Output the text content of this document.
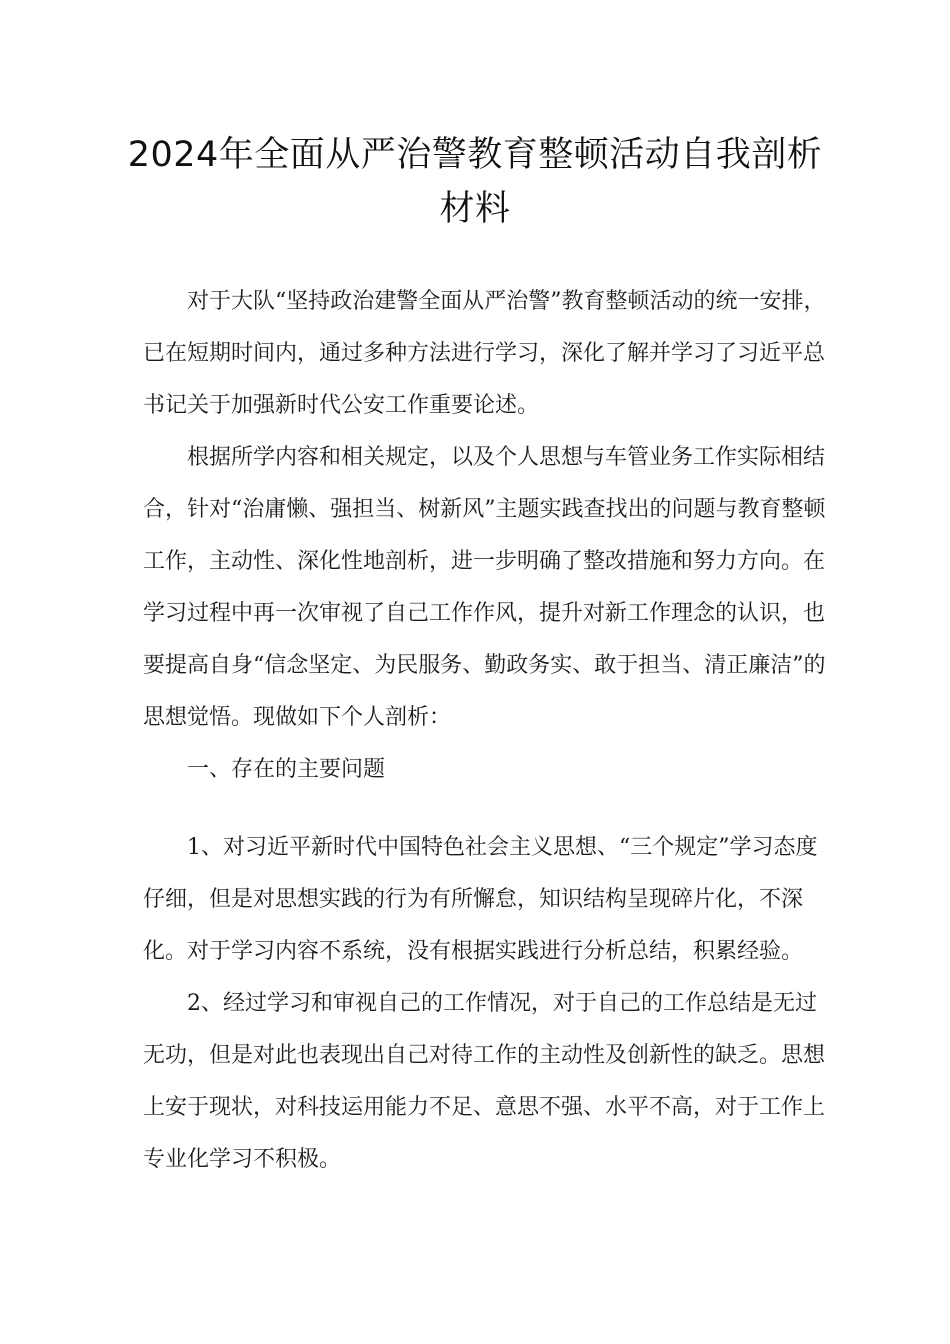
2024年全面从严治警教育整顿活动自我剖析材料

对于大队“坚持政治建警全面从严治警”教育整顿活动的统一安排，已在短期时间内，通过多种方法进行学习，深化了解并学习了习近平总书记关于加强新时代公安工作重要论述。

根据所学内容和相关规定，以及个人思想与车管业务工作实际相结合，针对“治庸懒、强担当、树新风”主题实践查找出的问题与教育整顿工作，主动性、深化性地剖析，进一步明确了整改措施和努力方向。在学习过程中再一次审视了自己工作作风，提升对新工作理念的认识，也要提高自身“信念坚定、为民服务、勤政务实、敢于担当、清正廉洁”的思想觉悟。现做如下个人剖析：

一、存在的主要问题

1、对习近平新时代中国特色社会主义思想、“三个规定”学习态度仔细，但是对思想实践的行为有所懈怠，知识结构呈现碎片化，不深化。对于学习内容不系统，没有根据实践进行分析总结，积累经验。

2、经过学习和审视自己的工作情况，对于自己的工作总结是无过无功，但是对此也表现出自己对待工作的主动性及创新性的缺乏。思想上安于现状，对科技运用能力不足、意思不强、水平不高，对于工作上专业化学习不积极。
